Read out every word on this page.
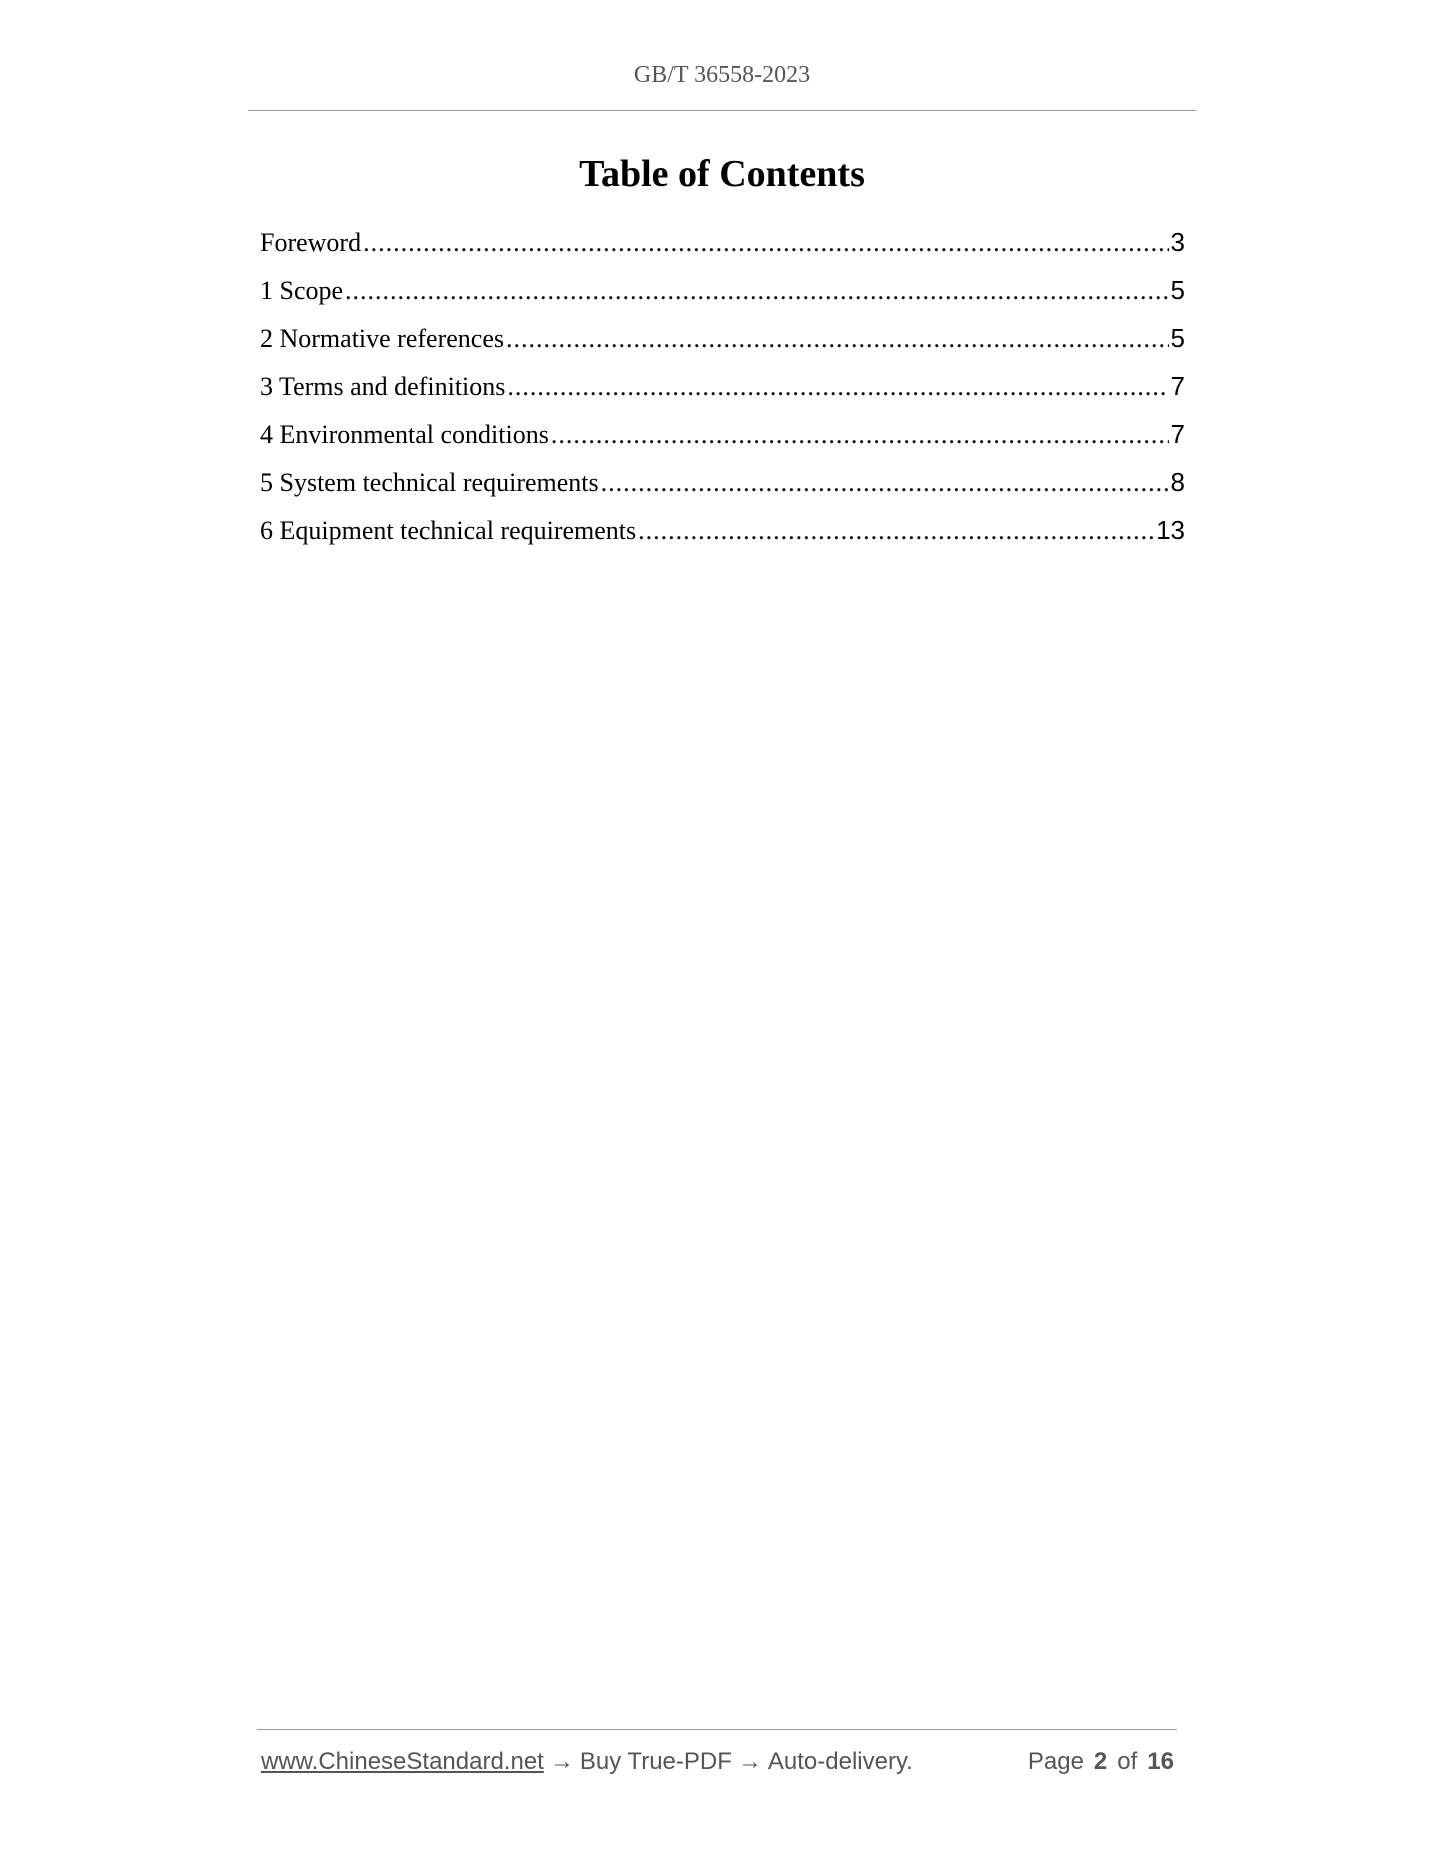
GB/T 36558-2023
Table of Contents
Foreword .....	3
1 Scope .....	5
2 Normative references .....	5
3 Terms and definitions .....	7
4 Environmental conditions .....	7
5 System technical requirements .....	8
6 Equipment technical requirements .....	13
www.ChineseStandard.net → Buy True-PDF → Auto-delivery.	Page 2 of 16
